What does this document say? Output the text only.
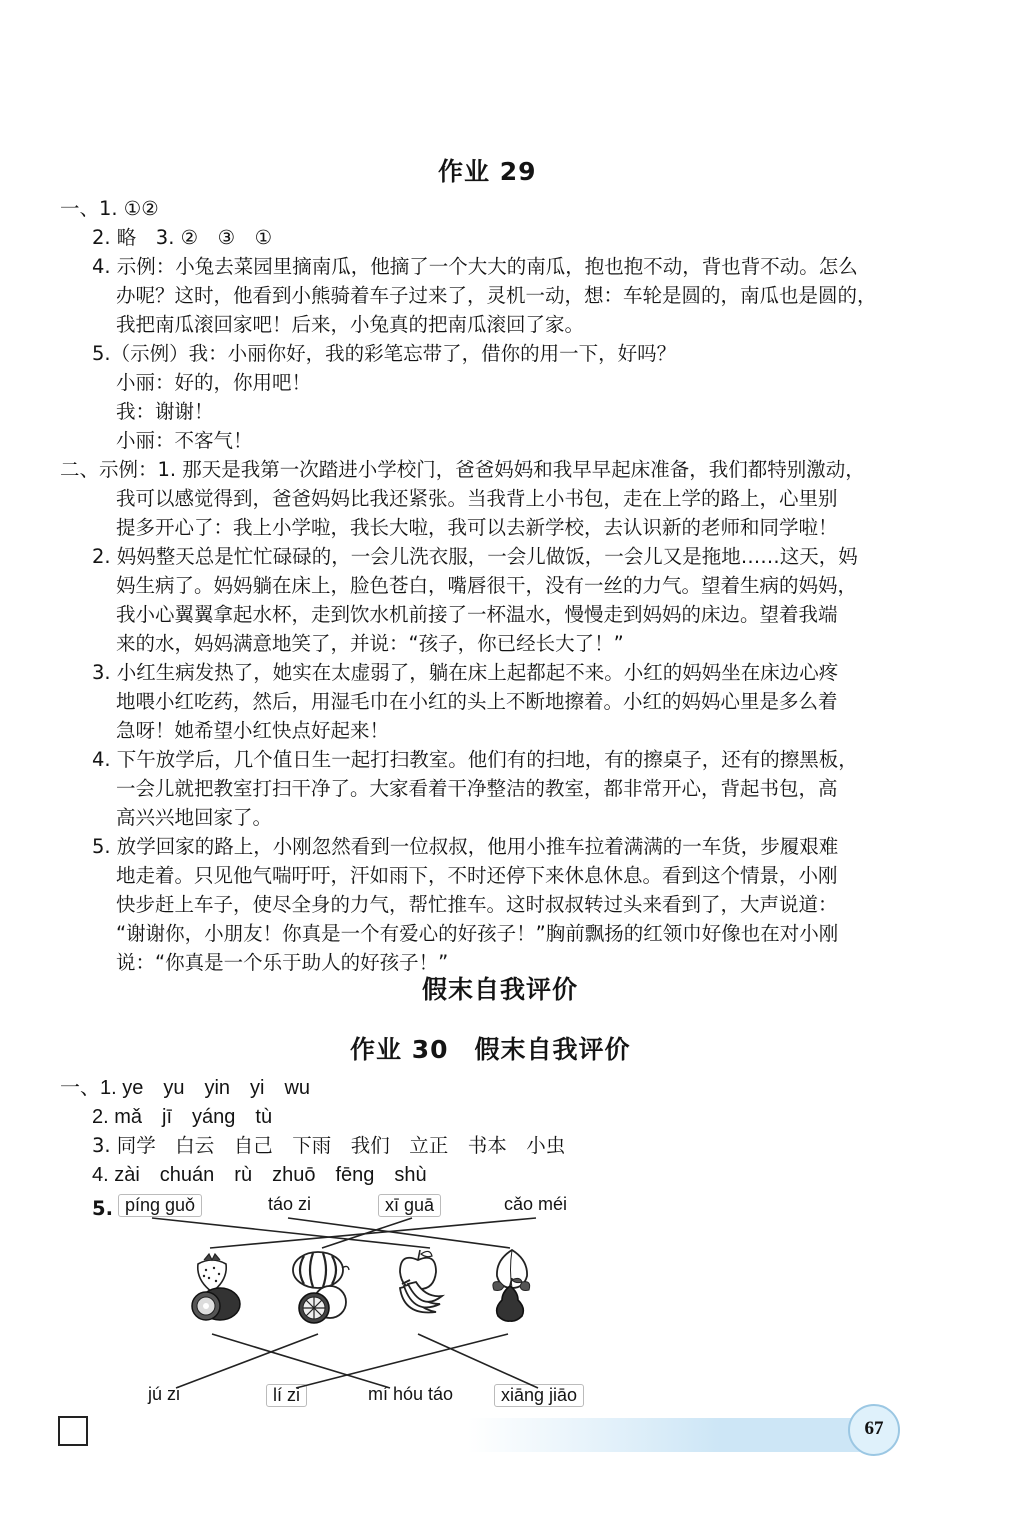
作业 29
一、1. ①②
2. 略　3. ②　③　①
4. 示例：小兔去菜园里摘南瓜，他摘了一个大大的南瓜，抱也抱不动，背也背不动。怎么
办呢？这时，他看到小熊骑着车子过来了，灵机一动，想：车轮是圆的，南瓜也是圆的，
我把南瓜滚回家吧！后来，小兔真的把南瓜滚回了家。
5.（示例）我：小丽你好，我的彩笔忘带了，借你的用一下，好吗？
小丽：好的，你用吧！
我：谢谢！
小丽：不客气！
二、示例：1. 那天是我第一次踏进小学校门，爸爸妈妈和我早早起床准备，我们都特别激动，
我可以感觉得到，爸爸妈妈比我还紧张。当我背上小书包，走在上学的路上，心里别
提多开心了：我上小学啦，我长大啦，我可以去新学校，去认识新的老师和同学啦！
2. 妈妈整天总是忙忙碌碌的，一会儿洗衣服，一会儿做饭，一会儿又是拖地……这天，妈
妈生病了。妈妈躺在床上，脸色苍白，嘴唇很干，没有一丝的力气。望着生病的妈妈，
我小心翼翼拿起水杯，走到饮水机前接了一杯温水，慢慢走到妈妈的床边。望着我端
来的水，妈妈满意地笑了，并说：“孩子，你已经长大了！”
3. 小红生病发热了，她实在太虚弱了，躺在床上起都起不来。小红的妈妈坐在床边心疼
地喂小红吃药，然后，用湿毛巾在小红的头上不断地擦着。小红的妈妈心里是多么着
急呀！她希望小红快点好起来！
4. 下午放学后，几个值日生一起打扫教室。他们有的扫地，有的擦桌子，还有的擦黑板，
一会儿就把教室打扫干净了。大家看着干净整洁的教室，都非常开心，背起书包，高
高兴兴地回家了。
5. 放学回家的路上，小刚忽然看到一位叔叔，他用小推车拉着满满的一车货，步履艰难
地走着。只见他气喘吁吁，汗如雨下，不时还停下来休息休息。看到这个情景，小刚
快步赶上车子，使尽全身的力气，帮忙推车。这时叔叔转过头来看到了，大声说道：
“谢谢你，小朋友！你真是一个有爱心的好孩子！”胸前飘扬的红领巾好像也在对小刚
说：“你真是一个乐于助人的好孩子！”
假末自我评价
作业 30　假末自我评价
一、1. ye　yu　yin　yi　wu
2. mǎ　jī　yáng　tù
3. 同学　白云　自己　下雨　我们　立正　书本　小虫
4. zài　chuán　rù　zhuō　fēng　shù
5. píng guǒ	táo zi	xī guā	cǎo méi
jú zi	lí zi	mí hóu táo	xiāng jiāo
67
